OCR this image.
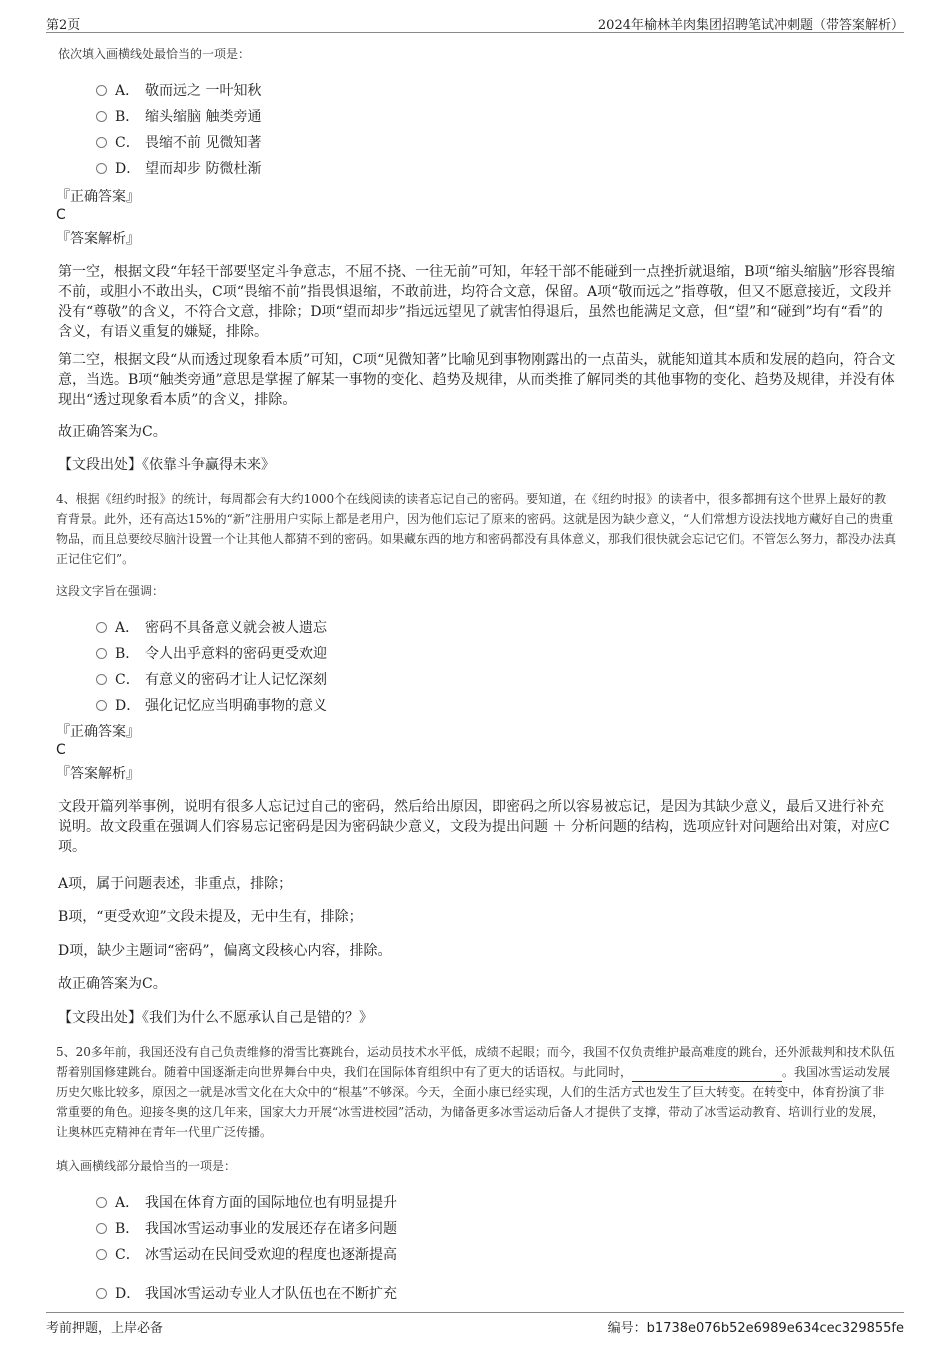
第2页	2024年榆林羊肉集团招聘笔试冲刺题（带答案解析）
依次填入画横线处最恰当的一项是：
A． 敬而远之 一叶知秋
B． 缩头缩脑 触类旁通
C． 畏缩不前 见微知著
D． 望而却步 防微杜渐
『正确答案』
C
『答案解析』
第一空，根据文段“年轻干部要坚定斗争意志，不屈不挠、一往无前”可知，年轻干部不能碰到一点挫折就退缩，B项“缩头缩脑”形容畏缩不前，或胆小不敢出头，C项“畏缩不前”指畏惧退缩，不敢前进，均符合文意，保留。A项“敬而远之”指尊敬，但又不愿意接近，文段并没有“尊敬”的含义，不符合文意，排除；D项“望而却步”指远远望见了就害怕得退后，虽然也能满足文意，但“望”和“碰到”均有“看”的含义，有语义重复的嫌疑，排除。
第二空，根据文段“从而透过现象看本质”可知，C项“见微知著”比喻见到事物刚露出的一点苗头，就能知道其本质和发展的趋向，符合文意，当选。B项“触类旁通”意思是掌握了解某一事物的变化、趋势及规律，从而类推了解同类的其他事物的变化、趋势及规律，并没有体现出“透过现象看本质”的含义，排除。
故正确答案为C。
【文段出处】《依靠斗争赢得未来》
4、根据《纽约时报》的统计，每周都会有大约1000个在线阅读的读者忘记自己的密码。要知道，在《纽约时报》的读者中，很多都拥有这个世界上最好的教育背景。此外，还有高达15%的“新”注册用户实际上都是老用户，因为他们忘记了原来的密码。这就是因为缺少意义，“人们常想方设法找地方藏好自己的贵重物品，而且总要绞尽脑汁设置一个让其他人都猜不到的密码。如果藏东西的地方和密码都没有具体意义，那我们很快就会忘记它们。不管怎么努力，都没办法真正记住它们”。
这段文字旨在强调：
A． 密码不具备意义就会被人遗忘
B． 令人出乎意料的密码更受欢迎
C． 有意义的密码才让人记忆深刻
D． 强化记忆应当明确事物的意义
『正确答案』
C
『答案解析』
文段开篇列举事例，说明有很多人忘记过自己的密码，然后给出原因，即密码之所以容易被忘记，是因为其缺少意义，最后又进行补充说明。故文段重在强调人们容易忘记密码是因为密码缺少意义，文段为提出问题 ＋ 分析问题的结构，选项应针对问题给出对策，对应C项。
A项，属于问题表述，非重点，排除；
B项，“更受欢迎”文段未提及，无中生有，排除；
D项，缺少主题词“密码”，偏离文段核心内容，排除。
故正确答案为C。
【文段出处】《我们为什么不愿承认自己是错的？》
5、20多年前，我国还没有自己负责维修的滑雪比赛跳台，运动员技术水平低，成绩不起眼；而今，我国不仅负责维护最高难度的跳台，还外派裁判和技术队伍帮着别国修建跳台。随着中国逐渐走向世界舞台中央，我们在国际体育组织中有了更大的话语权。与此同时，	。我国冰雪运动发展历史欠账比较多，原因之一就是冰雪文化在大众中的“根基”不够深。今天，全面小康已经实现，人们的生活方式也发生了巨大转变。在转变中，体育扮演了非常重要的角色。迎接冬奥的这几年来，国家大力开展“冰雪进校园”活动，为储备更多冰雪运动后备人才提供了支撑，带动了冰雪运动教育、培训行业的发展，让奥林匹克精神在青年一代里广泛传播。
填入画横线部分最恰当的一项是：
A． 我国在体育方面的国际地位也有明显提升
B． 我国冰雪运动事业的发展还存在诸多问题
C． 冰雪运动在民间受欢迎的程度也逐渐提高
D． 我国冰雪运动专业人才队伍也在不断扩充
考前押题，上岸必备	编号：b1738e076b52e6989e634cec329855fe
